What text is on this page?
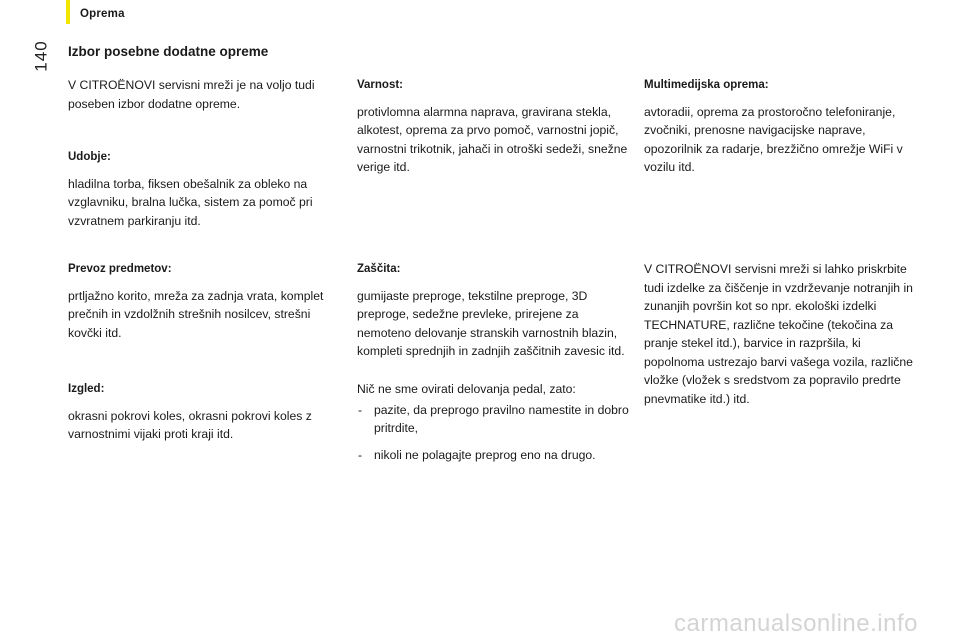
Oprema
140 Izbor posebne dodatne opreme

V CITROËNOVI servisni mreži je na voljo tudi poseben izbor dodatne opreme.

Udobje:

hladilna torba, fiksen obešalnik za obleko na vzglavniku, bralna lučka, sistem za pomoč pri vzvratnem parkiranju itd.

Prevoz predmetov:

prtljažno korito, mreža za zadnja vrata, komplet prečnih in vzdolžnih strešnih nosilcev, strešni kovčki itd.

Izgled:

okrasni pokrovi koles, okrasni pokrovi koles z varnostnimi vijaki proti kraji itd.

Varnost:

protivlomna alarmna naprava, gravirana stekla, alkotest, oprema za prvo pomoč, varnostni jopič, varnostni trikotnik, jahači in otroški sedeži, snežne verige itd.

Zaščita:

gumijaste preproge, tekstilne preproge, 3D preproge, sedežne prevleke, prirejene za nemoteno delovanje stranskih varnostnih blazin, kompleti sprednjih in zadnjih zaščitnih zavesic itd.

Nič ne sme ovirati delovanja pedal, zato:

- pazite, da preprogo pravilno namestite in dobro pritrdite,
- nikoli ne polagajte preprog eno na drugo.

Multimedijska oprema:

avtoradii, oprema za prostoročno telefoniranje, zvočniki, prenosne navigacijske naprave, opozorilnik za radarje, brezžično omrežje WiFi v vozilu itd.

V CITROËNOVI servisni mreži si lahko priskrbite tudi izdelke za čiščenje in vzdrževanje notranjih in zunanjih površin kot so npr. ekološki izdelki TECHNATURE, različne tekočine (tekočina za pranje stekel itd.), barvice in razpršila, ki popolnoma ustrezajo barvi vašega vozila, različne vložke (vložek s sredstvom za popravilo predrte pnevmatike itd.) itd.

carmanualsonline.info
